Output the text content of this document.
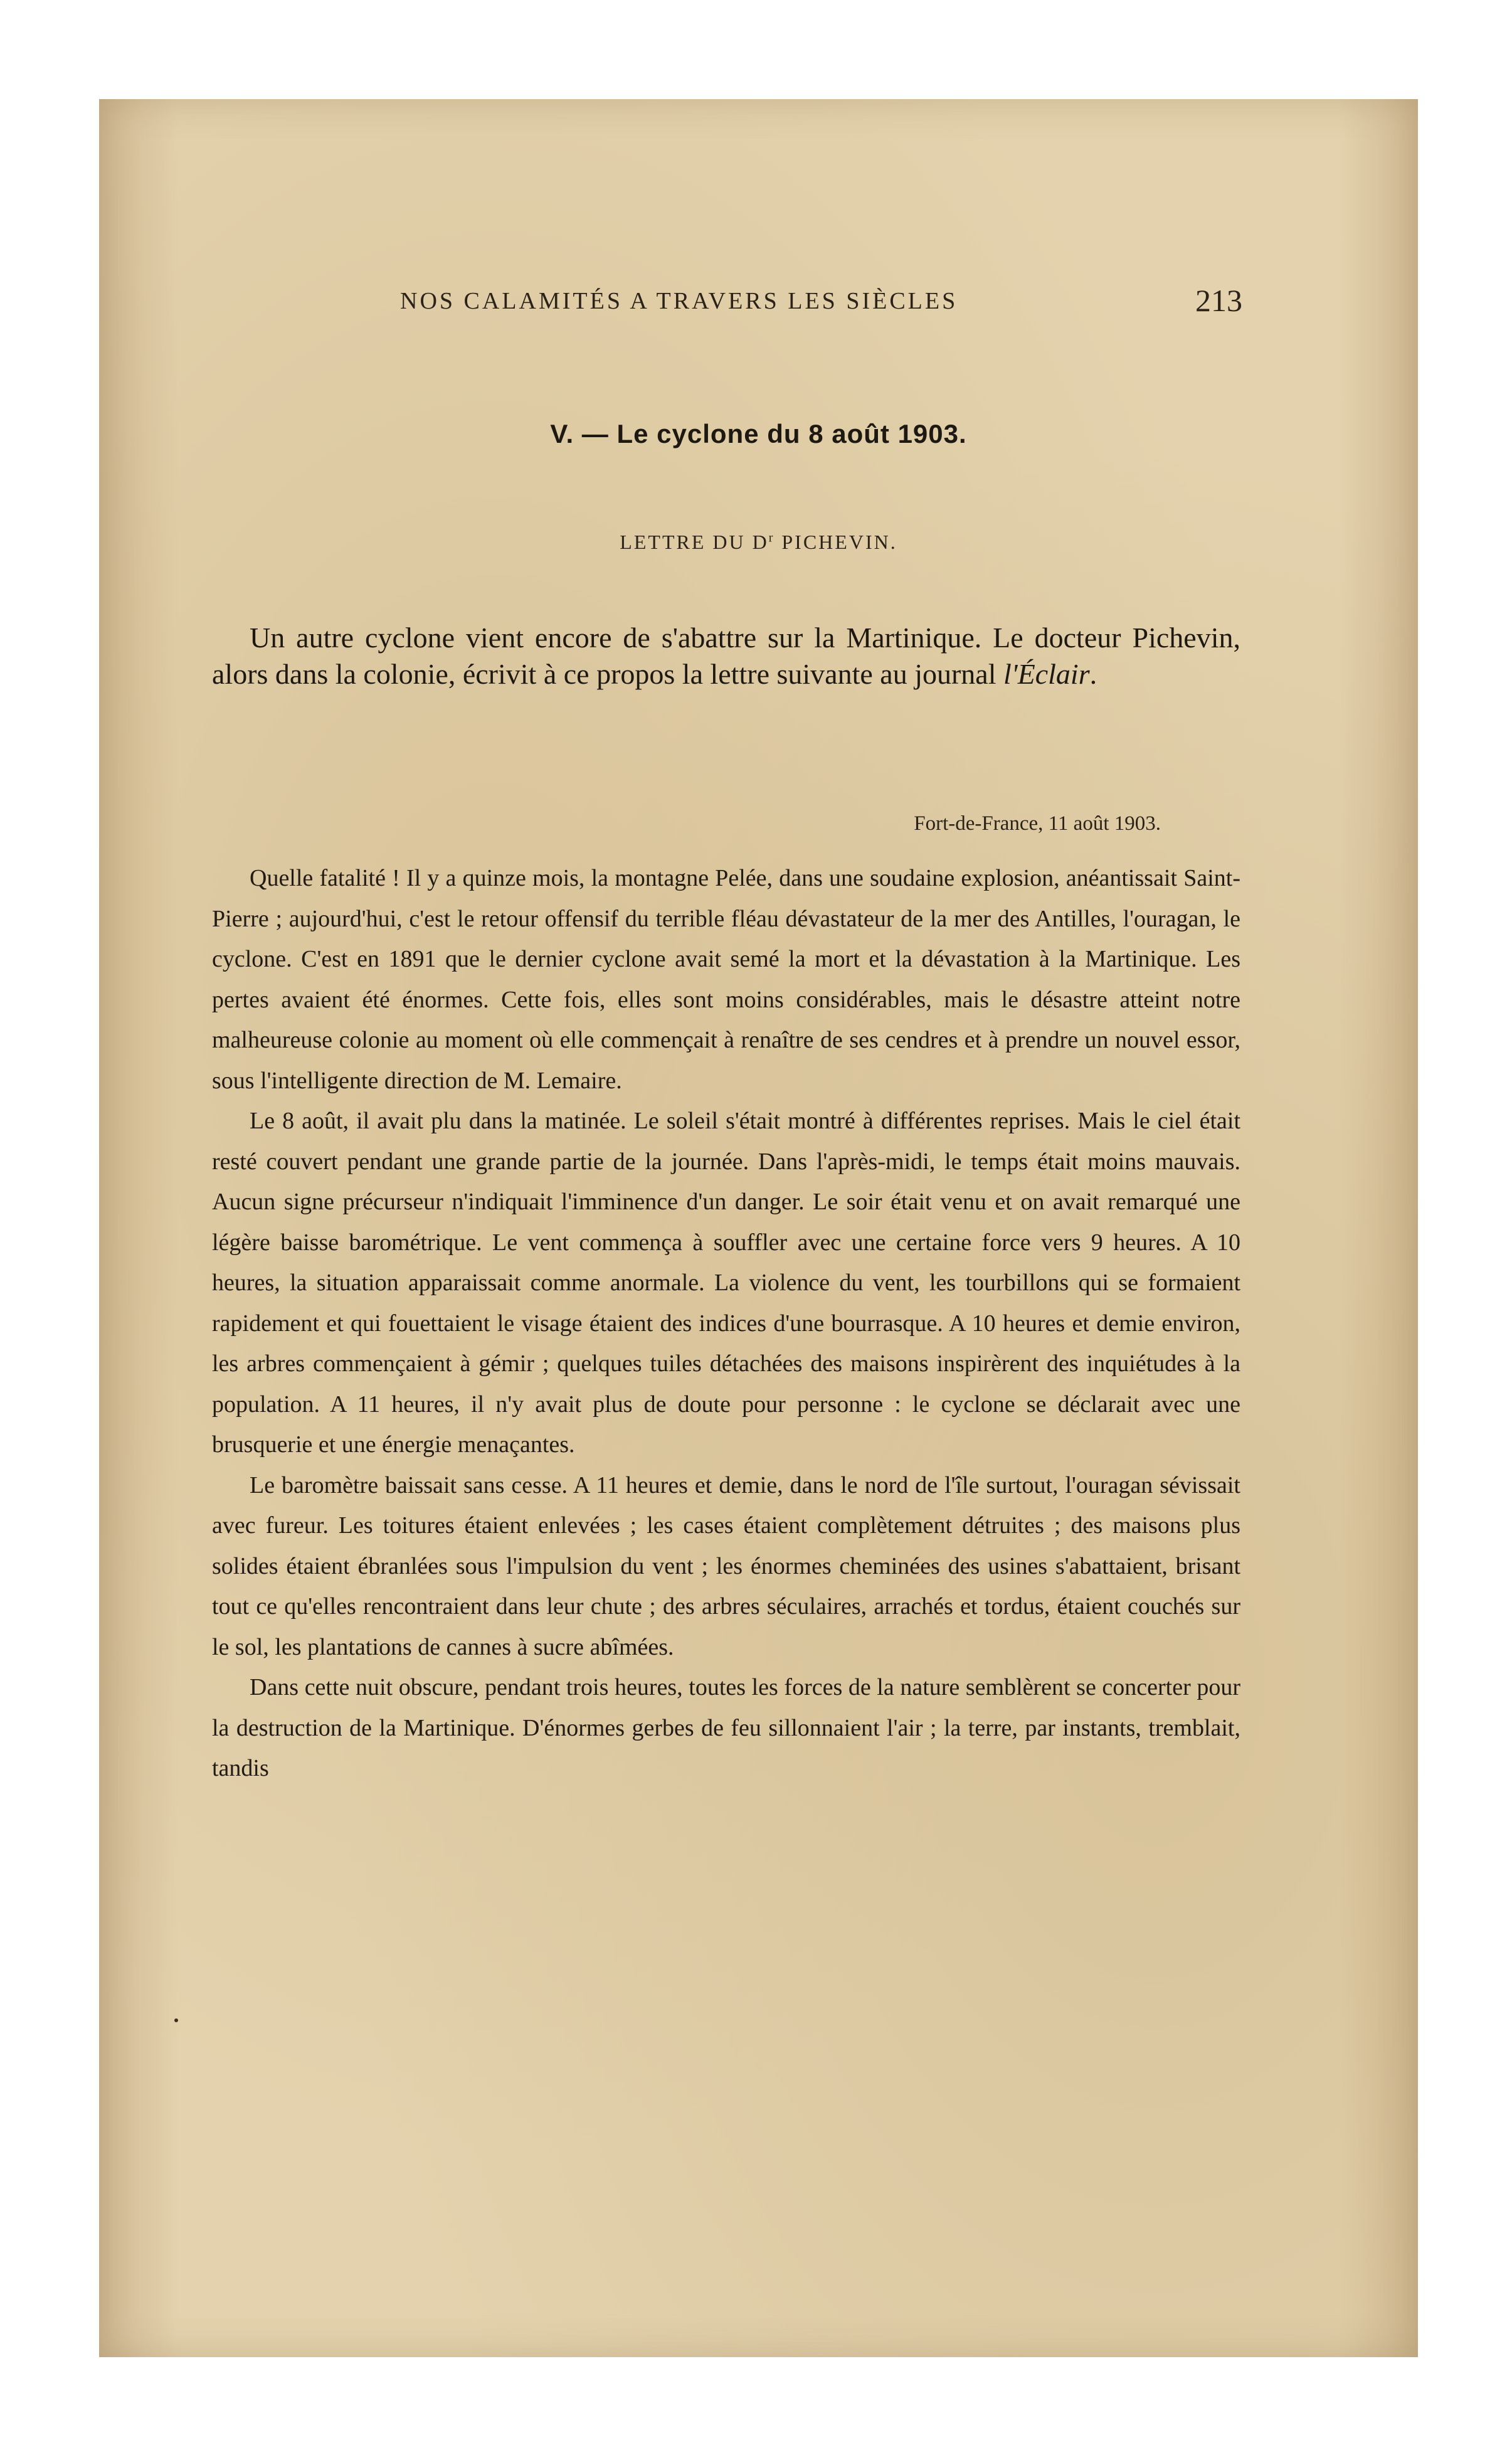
NOS CALAMITÉS A TRAVERS LES SIÈCLES	213
V. — Le cyclone du 8 août 1903.
LETTRE DU $D^r$ PICHEVIN.

Un autre cyclone vient encore de s'abattre sur la Martinique. Le docteur Pichevin, alors dans la colonie, écrivit à ce propos la lettre suivante au journal l'Éclair.

Fort-de-France, 11 août 1903.

Quelle fatalité ! Il y a quinze mois, la montagne Pelée, dans une soudaine explosion, anéantissait Saint-Pierre ; aujourd'hui, c'est le retour offensif du terrible fléau dévastateur de la mer des Antilles, l'ouragan, le cyclone. C'est en 1891 que le dernier cyclone avait semé la mort et la dévastation à la Martinique. Les pertes avaient été énormes. Cette fois, elles sont moins considérables, mais le désastre atteint notre malheureuse colonie au moment où elle commençait à renaître de ses cendres et à prendre un nouvel essor, sous l'intelligente direction de M. Lemaire.

Le 8 août, il avait plu dans la matinée. Le soleil s'était montré à différentes reprises. Mais le ciel était resté couvert pendant une grande partie de la journée. Dans l'après-midi, le temps était moins mauvais. Aucun signe précurseur n'indiquait l'imminence d'un danger. Le soir était venu et on avait remarqué une légère baisse barométrique. Le vent commença à souffler avec une certaine force vers 9 heures. A 10 heures, la situation apparaissait comme anormale. La violence du vent, les tourbillons qui se formaient rapidement et qui fouettaient le visage étaient des indices d'une bourrasque. A 10 heures et demie environ, les arbres commençaient à gémir ; quelques tuiles détachées des maisons inspirèrent des inquiétudes à la population. A 11 heures, il n'y avait plus de doute pour personne : le cyclone se déclarait avec une brusquerie et une énergie menaçantes.

Le baromètre baissait sans cesse. A 11 heures et demie, dans le nord de l'île surtout, l'ouragan sévissait avec fureur. Les toitures étaient enlevées ; les cases étaient complètement détruites ; des maisons plus solides étaient ébranlées sous l'impulsion du vent ; les énormes cheminées des usines s'abattaient, brisant tout ce qu'elles rencontraient dans leur chute ; des arbres séculaires, arrachés et tordus, étaient couchés sur le sol, les plantations de cannes à sucre abîmées.

Dans cette nuit obscure, pendant trois heures, toutes les forces de la nature semblèrent se concerter pour la destruction de la Martinique. D'énormes gerbes de feu sillonnaient l'air ; la terre, par instants, tremblait, tandis
